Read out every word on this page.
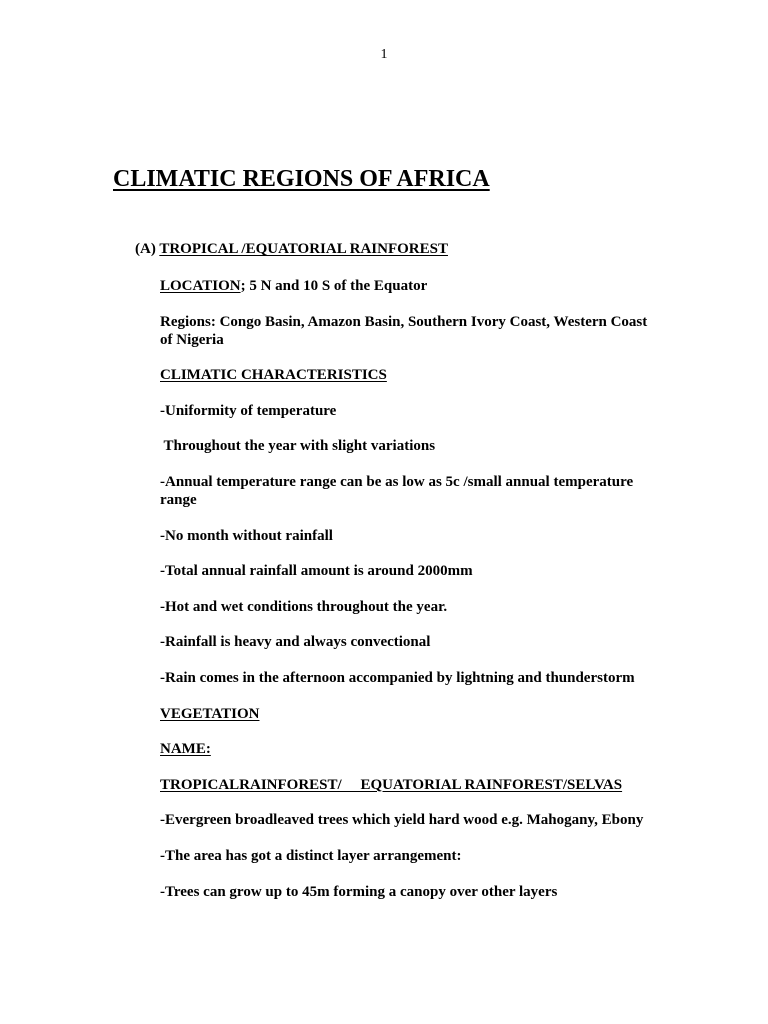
1
CLIMATIC REGIONS OF AFRICA
(A) TROPICAL /EQUATORIAL RAINFOREST

LOCATION; 5 N and 10 S of the Equator

Regions: Congo Basin, Amazon Basin, Southern Ivory Coast, Western Coast of Nigeria

CLIMATIC CHARACTERISTICS

-Uniformity of temperature

Throughout the year with slight variations

-Annual temperature range can be as low as 5c /small annual temperature range

-No month without rainfall

-Total annual rainfall amount is around 2000mm

-Hot and wet conditions throughout the year.

-Rainfall is heavy and always convectional

-Rain comes in the afternoon accompanied by lightning and thunderstorm

VEGETATION

NAME:

TROPICALRAINFOREST/     EQUATORIAL RAINFOREST/SELVAS

-Evergreen broadleaved trees which yield hard wood e.g. Mahogany, Ebony

-The area has got a distinct layer arrangement:

-Trees can grow up to 45m forming a canopy over other layers
